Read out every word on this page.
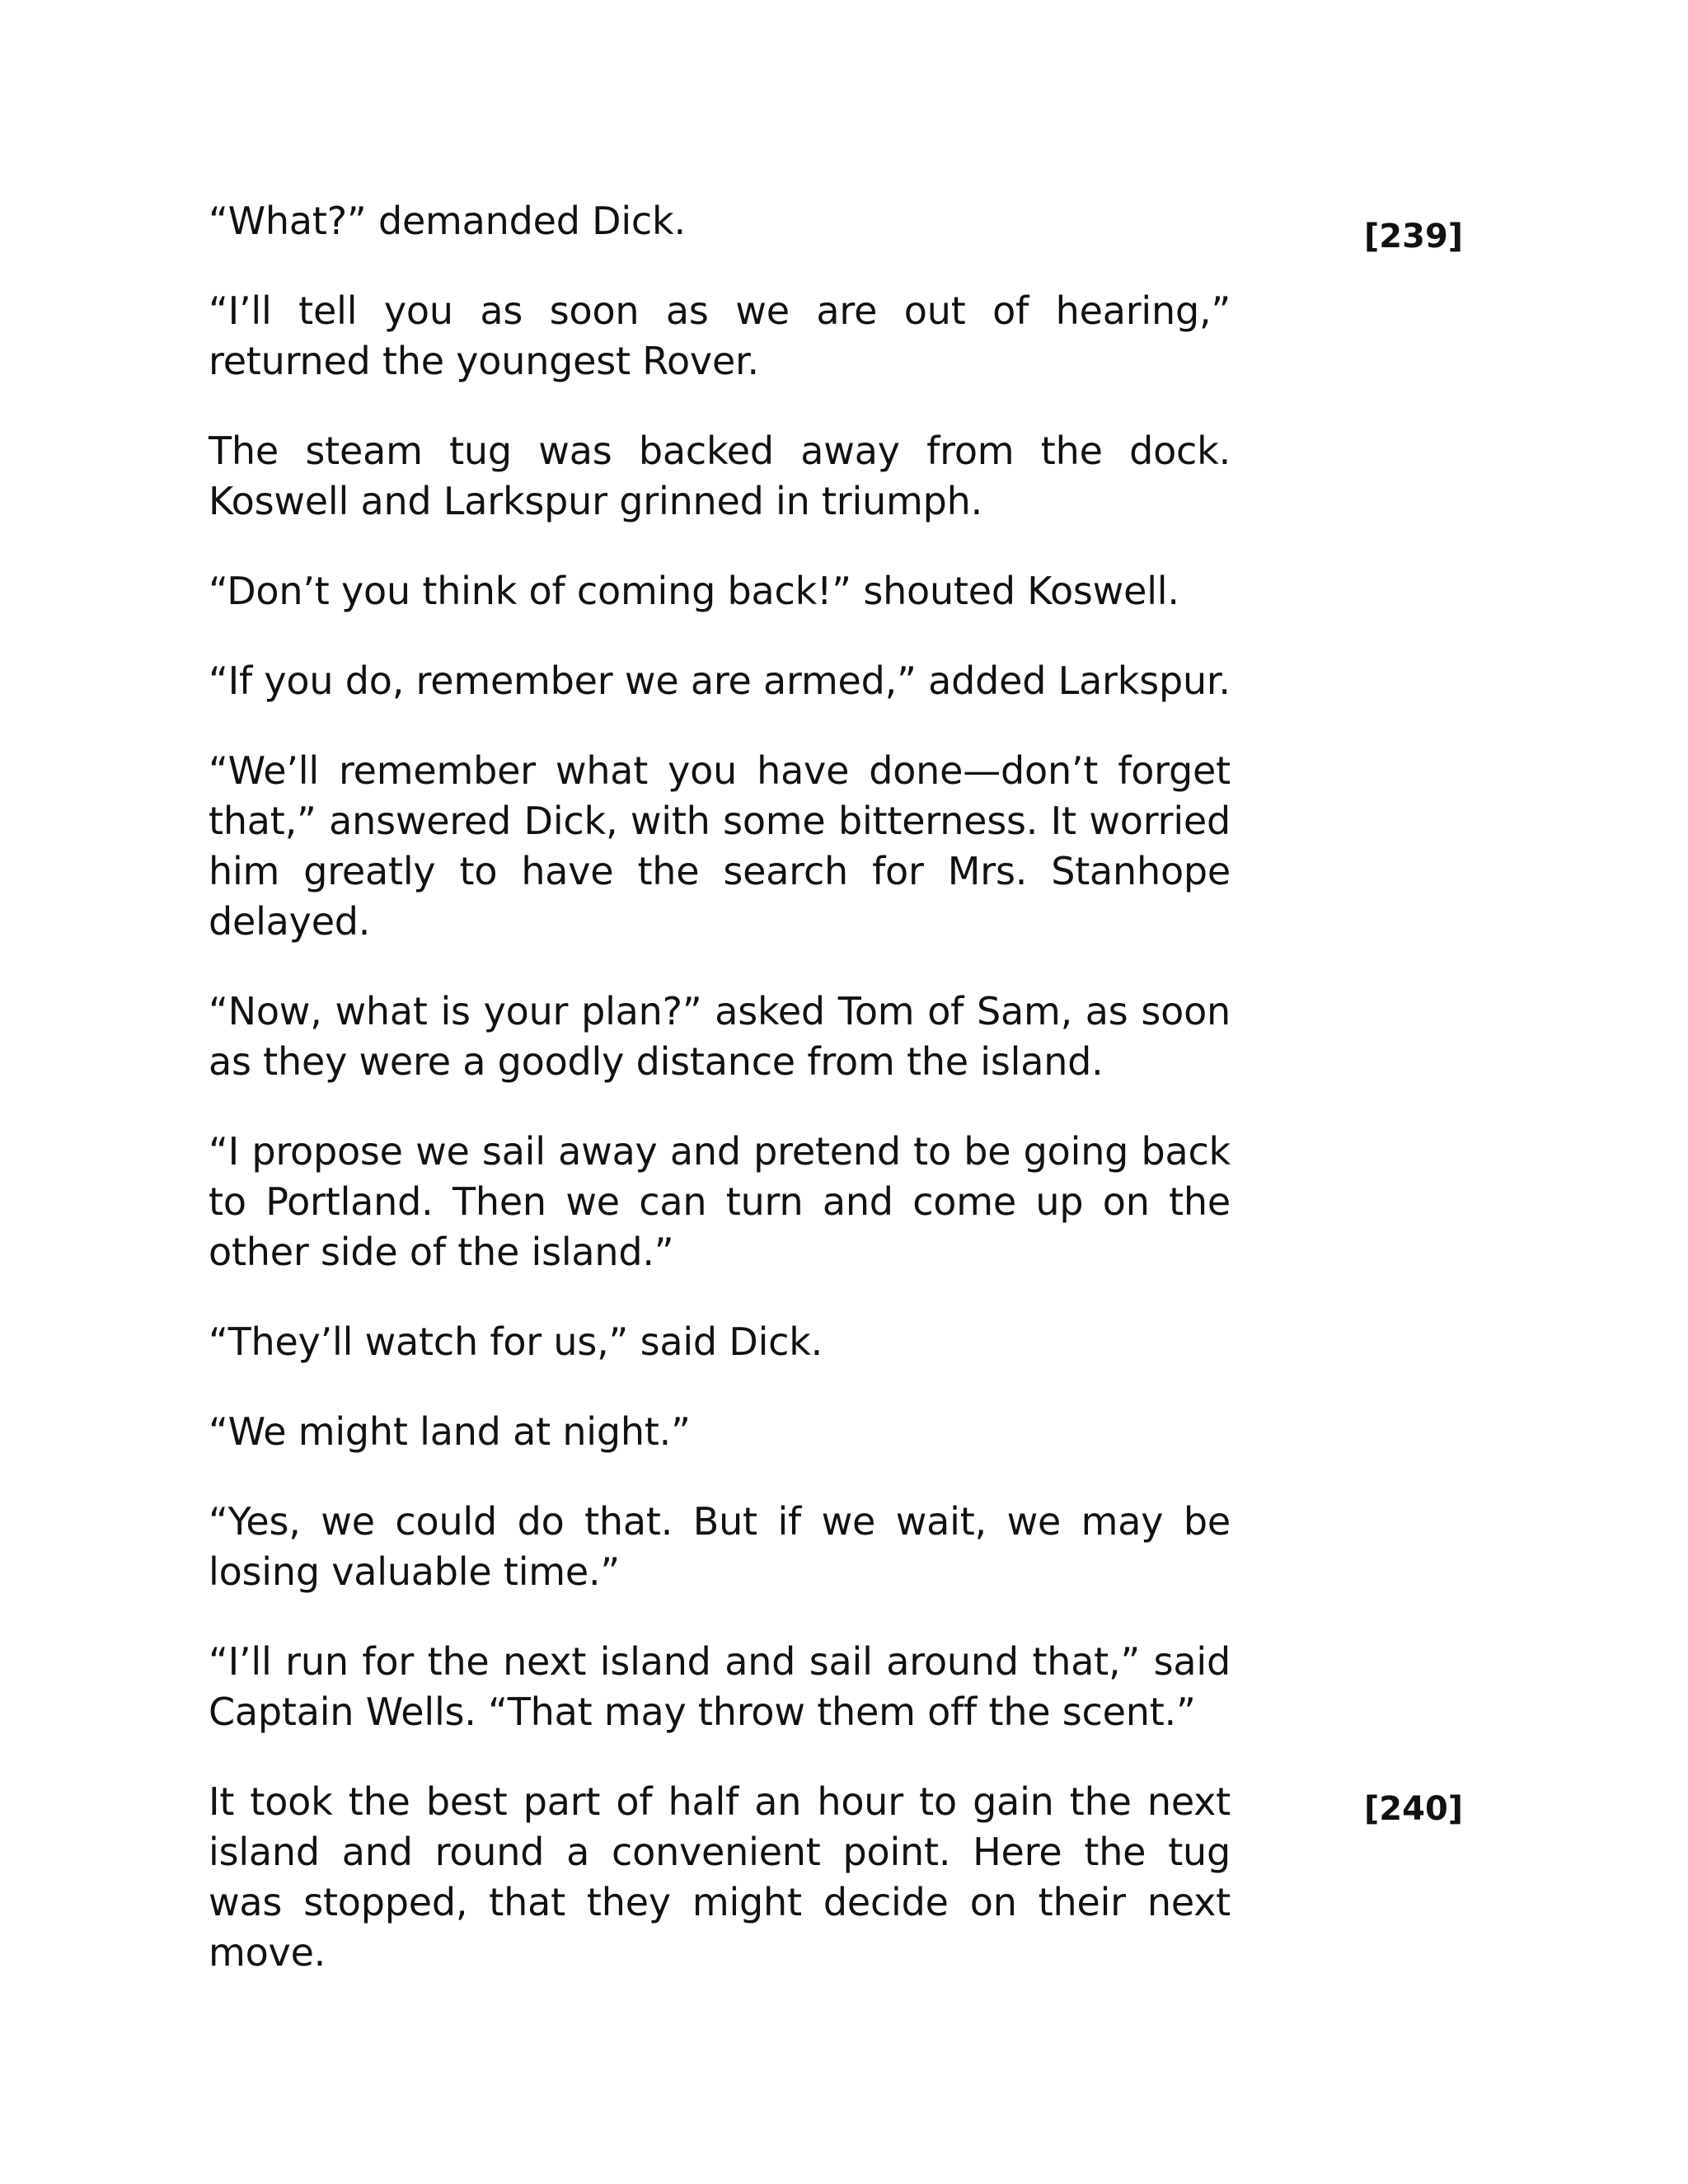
[239]
[240]

“What?” demanded Dick.

“I’ll tell you as soon as we are out of hearing,” returned the youngest Rover.

The steam tug was backed away from the dock. Koswell and Larkspur grinned in triumph.

“Don’t you think of coming back!” shouted Koswell.

“If you do, remember we are armed,” added Larkspur.

“We’ll remember what you have done—don’t forget that,” answered Dick, with some bitterness. It worried him greatly to have the search for Mrs. Stanhope delayed.

“Now, what is your plan?” asked Tom of Sam, as soon as they were a goodly distance from the island.

“I propose we sail away and pretend to be going back to Portland. Then we can turn and come up on the other side of the island.”

“They’ll watch for us,” said Dick.

“We might land at night.”

“Yes, we could do that. But if we wait, we may be losing valuable time.”

“I’ll run for the next island and sail around that,” said Captain Wells. “That may throw them off the scent.”

It took the best part of half an hour to gain the next island and round a convenient point. Here the tug was stopped, that they might decide on their next move.
